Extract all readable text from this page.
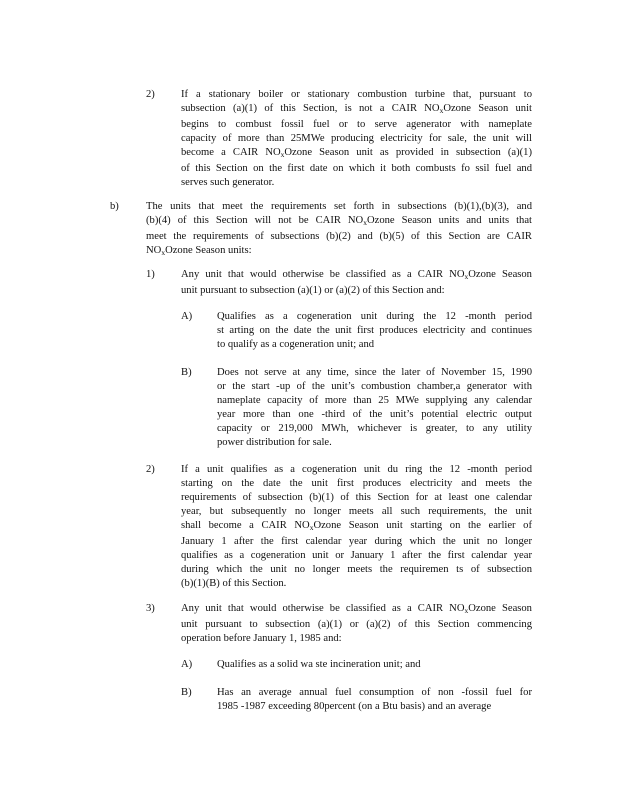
2) If a stationary boiler or stationary combustion turbine that, pursuant to
subsection (a)(1) of this Section, is not a CAIR $NO_xOzone$ Season unit
begins to combust fossil fuel or to serve agenerator with nameplate
capacity of more than 25MWe producing electricity for sale, the unit will
become a CAIR $NO_xOzone$ Season unit as provided in subsection (a)(1)
of this Section on the first date on which it both combusts fo ssil fuel and
serves such generator.
b)	The units that meet the requirements set forth in subsections (b)(1),(b)(3), and
(b)(4) of this Section will not be CAIR $NO_xOzone$ Season units and units that
meet the requirements of subsections (b)(2) and (b)(5) of this Section are CAIR
$NO_xOzone$ Season units:
1) Any unit that would otherwise be classified as a CAIR $NO_xOzone$ Season
unit pursuant to subsection (a)(1) or (a)(2) of this Section and:
A) Qualifies as a cogeneration unit during the 12 -month period
st arting on the date the unit first produces electricity and continues
to qualify as a cogeneration unit; and
B) Does not serve at any time, since the later of November 15, 1990
or the start -up of the unit’s combustion chamber,a generator with
nameplate capacity of more than 25 MWe supplying any calendar
year more than one -third of the unit’s potential electric output
capacity or 219,000 MWh, whichever is greater, to any utility
power distribution for sale.
2) If a unit qualifies as a cogeneration unit du ring the 12 -month period
starting on the date the unit first produces electricity and meets the
requirements of subsection (b)(1) of this Section for at least one calendar
year, but subsequently no longer meets all such requirements, the unit
shall become a CAIR $NO_xOzone$ Season unit starting on the earlier of
January 1 after the first calendar year during which the unit no longer
qualifies as a cogeneration unit or January 1 after the first calendar year
during which the unit no longer meets the requiremen ts of subsection
(b)(1)(B) of this Section.
3) Any unit that would otherwise be classified as a CAIR $NO_xOzone$ Season
unit pursuant to subsection (a)(1) or (a)(2) of this Section commencing
operation before January 1, 1985 and:
A) Qualifies as a solid wa ste incineration unit; and
B) Has an average annual fuel consumption of non -fossil fuel for
1985 -1987 exceeding 80percent (on a Btu basis) and an average
